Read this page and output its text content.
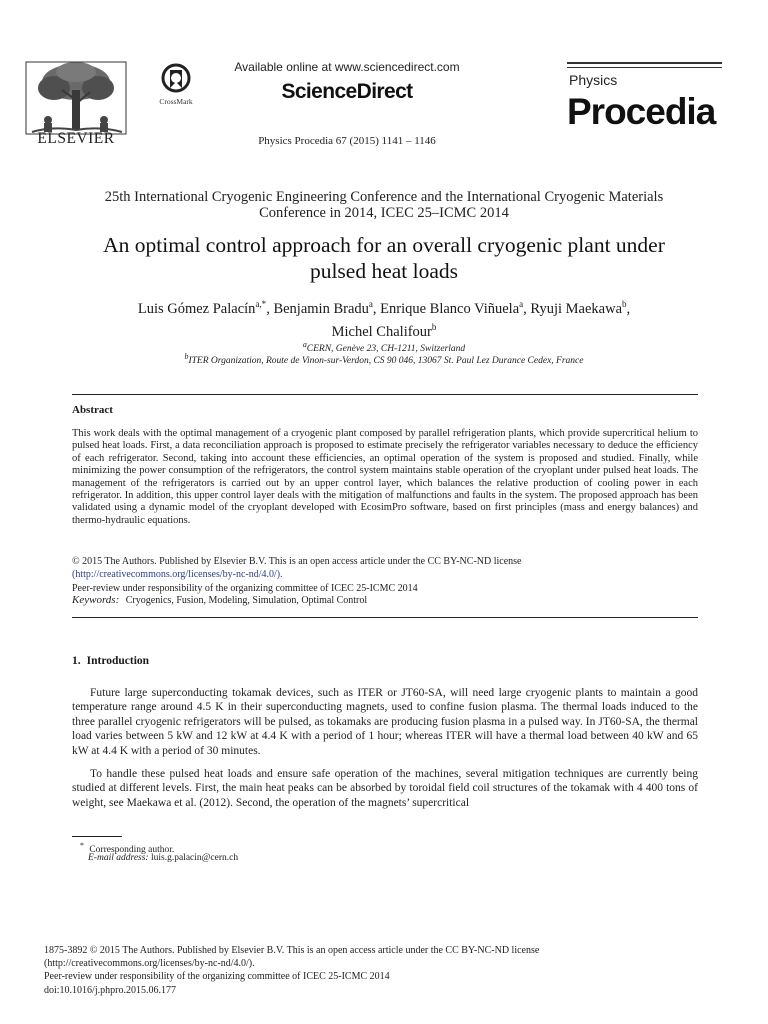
ELSEVIER
CrossMark
Available online at www.sciencedirect.com
ScienceDirect
Physics Procedia 67 (2015) 1141 – 1146
Physics
Procedia
25th International Cryogenic Engineering Conference and the International Cryogenic Materials
Conference in 2014, ICEC 25–ICMC 2014
An optimal control approach for an overall cryogenic plant under
pulsed heat loads
Luis Gómez Palacín$^{a,*}$, Benjamin Bradu$^a$, Enrique Blanco Viñuela$^a$, Ryuji Maekawa$^b$,
Michel Chalifour$^b$
$^a$CERN, Genève 23, CH-1211, Switzerland
$^b$ITER Organization, Route de Vinon-sur-Verdon, CS 90 046, 13067 St. Paul Lez Durance Cedex, France
Abstract
This work deals with the optimal management of a cryogenic plant composed by parallel refrigeration plants, which provide supercritical helium to pulsed heat loads. First, a data reconciliation approach is proposed to estimate precisely the refrigerator variables necessary to deduce the efficiency of each refrigerator. Second, taking into account these efficiencies, an optimal operation of the system is proposed and studied. Finally, while minimizing the power consumption of the refrigerators, the control system maintains stable operation of the cryoplant under pulsed heat loads. The management of the refrigerators is carried out by an upper control layer, which balances the relative production of cooling power in each refrigerator. In addition, this upper control layer deals with the mitigation of malfunctions and faults in the system. The proposed approach has been validated using a dynamic model of the cryoplant developed with EcosimPro software, based on first principles (mass and energy balances) and thermo-hydraulic equations.
© 2015 The Authors. Published by Elsevier B.V. This is an open access article under the CC BY-NC-ND license
(http://creativecommons.org/licenses/by-nc-nd/4.0/).
Peer-review under responsibility of the organizing committee of ICEC 25-ICMC 2014
Keywords: Cryogenics, Fusion, Modeling, Simulation, Optimal Control
1. Introduction
Future large superconducting tokamak devices, such as ITER or JT60-SA, will need large cryogenic plants to maintain a good temperature range around 4.5 K in their superconducting magnets, used to confine fusion plasma. The thermal loads induced to the three parallel cryogenic refrigerators will be pulsed, as tokamaks are producing fusion plasma in a pulsed way. In JT60-SA, the thermal load varies between 5 kW and 12 kW at 4.4 K with a period of 1 hour; whereas ITER will have a thermal load between 40 kW and 65 kW at 4.4 K with a period of 30 minutes.
To handle these pulsed heat loads and ensure safe operation of the machines, several mitigation techniques are currently being studied at different levels. First, the main heat peaks can be absorbed by toroidal field coil structures of the tokamak with 4 400 tons of weight, see Maekawa et al. (2012). Second, the operation of the magnets’ supercritical
* Corresponding author.
E-mail address: luis.g.palacin@cern.ch
1875-3892 © 2015 The Authors. Published by Elsevier B.V. This is an open access article under the CC BY-NC-ND license
(http://creativecommons.org/licenses/by-nc-nd/4.0/).
Peer-review under responsibility of the organizing committee of ICEC 25-ICMC 2014
doi:10.1016/j.phpro.2015.06.177
